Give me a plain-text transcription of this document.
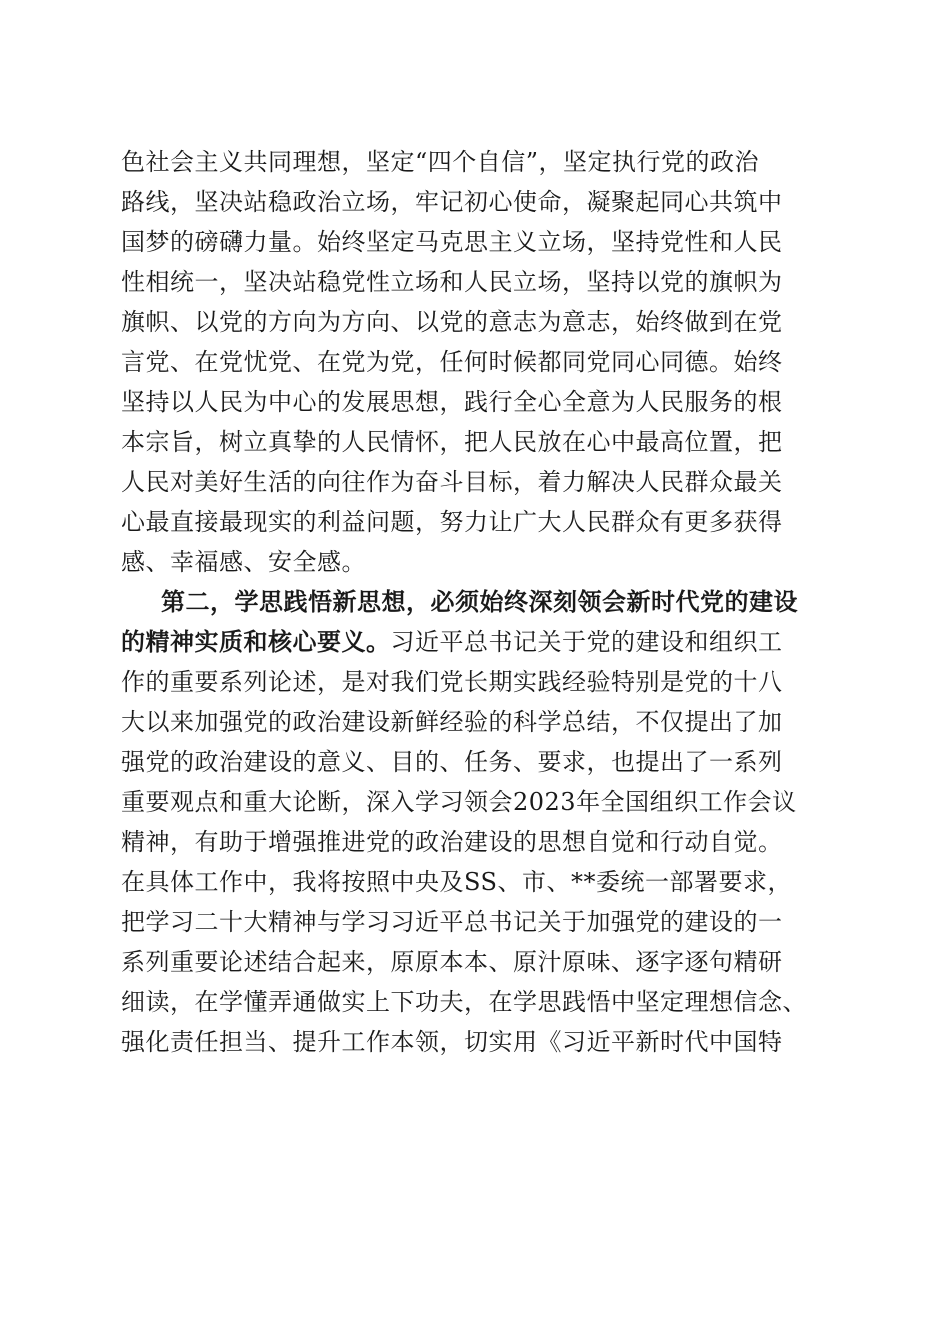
色社会主义共同理想，坚定“四个自信”，坚定执行党的政治
路线，坚决站稳政治立场，牢记初心使命，凝聚起同心共筑中
国梦的磅礴力量。始终坚定马克思主义立场，坚持党性和人民
性相统一，坚决站稳党性立场和人民立场，坚持以党的旗帜为
旗帜、以党的方向为方向、以党的意志为意志，始终做到在党
言党、在党忧党、在党为党，任何时候都同党同心同德。始终
坚持以人民为中心的发展思想，践行全心全意为人民服务的根
本宗旨，树立真挚的人民情怀，把人民放在心中最高位置，把
人民对美好生活的向往作为奋斗目标，着力解决人民群众最关
心最直接最现实的利益问题，努力让广大人民群众有更多获得
感、幸福感、安全感。
第二，学思践悟新思想，必须始终深刻领会新时代党的建设
的精神实质和核心要义。习近平总书记关于党的建设和组织工
作的重要系列论述，是对我们党长期实践经验特别是党的十八
大以来加强党的政治建设新鲜经验的科学总结，不仅提出了加
强党的政治建设的意义、目的、任务、要求，也提出了一系列
重要观点和重大论断，深入学习领会2023年全国组织工作会议
精神，有助于增强推进党的政治建设的思想自觉和行动自觉。
在具体工作中，我将按照中央及SS、市、**委统一部署要求，
把学习二十大精神与学习习近平总书记关于加强党的建设的一
系列重要论述结合起来，原原本本、原汁原味、逐字逐句精研
细读，在学懂弄通做实上下功夫，在学思践悟中坚定理想信念、
强化责任担当、提升工作本领，切实用《习近平新时代中国特
